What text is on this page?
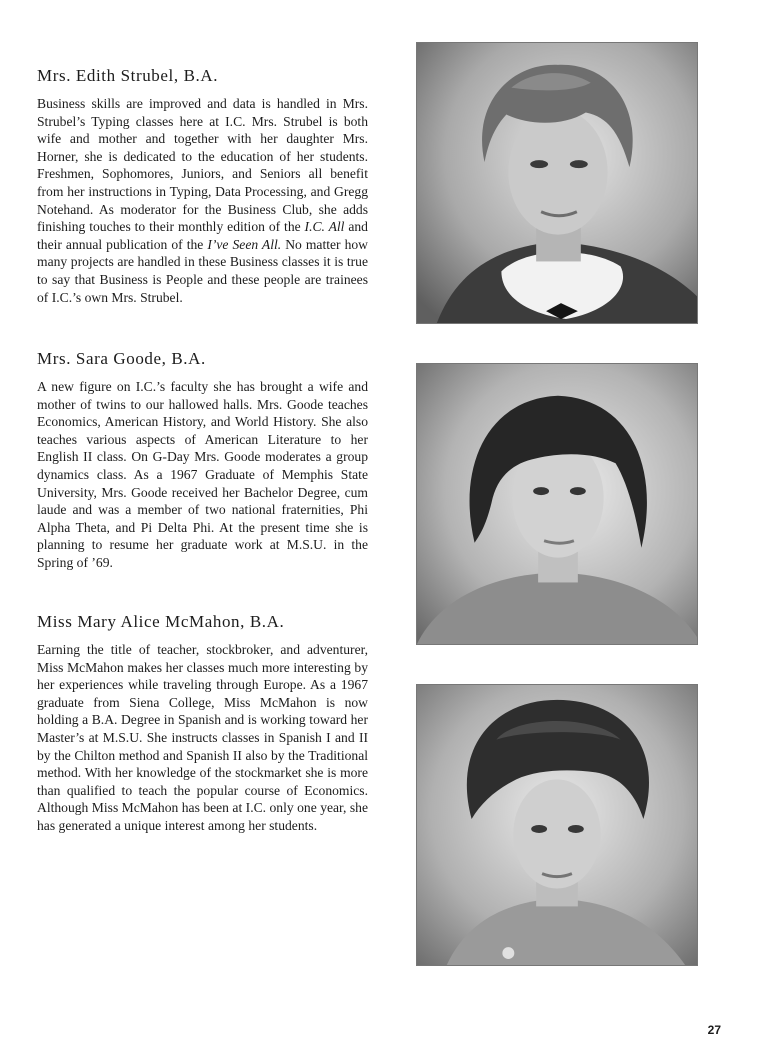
Mrs. Edith Strubel, B.A.

Business skills are improved and data is handled in Mrs. Strubel’s Typing classes here at I.C. Mrs. Strubel is both wife and mother and together with her daughter Mrs. Horner, she is dedicated to the education of her students. Freshmen, Sophomores, Juniors, and Seniors all benefit from her instructions in Typing, Data Processing, and Gregg Notehand. As moderator for the Business Club, she adds finishing touches to their monthly edition of the I.C. All and their annual publication of the I’ve Seen All. No matter how many projects are handled in these Business classes it is true to say that Business is People and these people are trainees of I.C.’s own Mrs. Strubel.

Mrs. Sara Goode, B.A.

A new figure on I.C.’s faculty she has brought a wife and mother of twins to our hallowed halls. Mrs. Goode teaches Economics, American History, and World History. She also teaches various aspects of American Literature to her English II class. On G-Day Mrs. Goode moderates a group dynamics class. As a 1967 Graduate of Memphis State University, Mrs. Goode received her Bachelor Degree, cum laude and was a member of two national fraternities, Phi Alpha Theta, and Pi Delta Phi. At the present time she is planning to resume her graduate work at M.S.U. in the Spring of ’69.

Miss Mary Alice McMahon, B.A.

Earning the title of teacher, stockbroker, and adventurer, Miss McMahon makes her classes much more interesting by her experiences while traveling through Europe. As a 1967 graduate from Siena College, Miss McMahon is now holding a B.A. Degree in Spanish and is working toward her Master’s at M.S.U. She instructs classes in Spanish I and II by the Chilton method and Spanish II also by the Traditional method. With her knowledge of the stockmarket she is more than qualified to teach the popular course of Economics. Although Miss McMahon has been at I.C. only one year, she has generated a unique interest among her students.

27
